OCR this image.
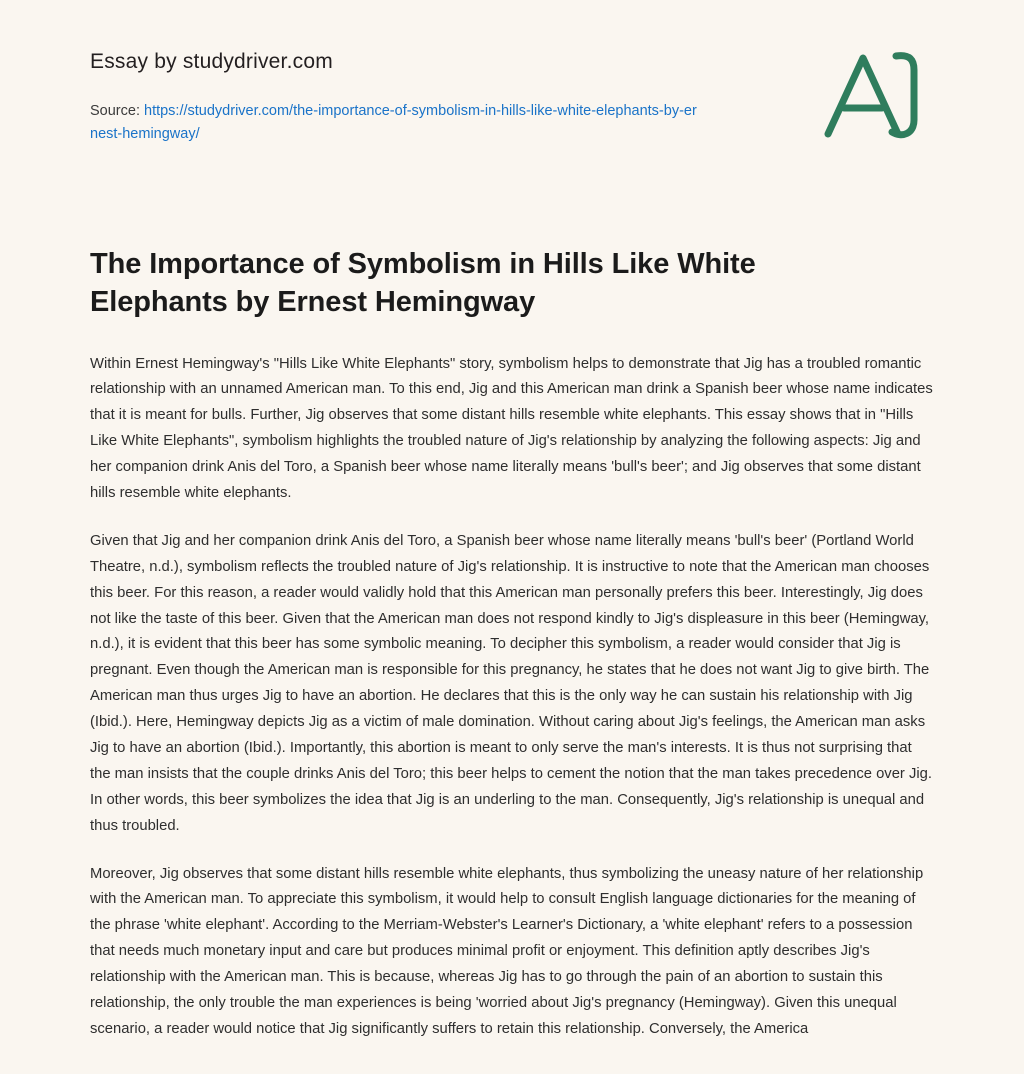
Essay by studydriver.com
Source: https://studydriver.com/the-importance-of-symbolism-in-hills-like-white-elephants-by-ernest-hemingway/
The Importance of Symbolism in Hills Like White Elephants by Ernest Hemingway

Within Ernest Hemingway's "Hills Like White Elephants" story, symbolism helps to demonstrate that Jig has a troubled romantic relationship with an unnamed American man. To this end, Jig and this American man drink a Spanish beer whose name indicates that it is meant for bulls. Further, Jig observes that some distant hills resemble white elephants. This essay shows that in "Hills Like White Elephants", symbolism highlights the troubled nature of Jig's relationship by analyzing the following aspects: Jig and her companion drink Anis del Toro, a Spanish beer whose name literally means 'bull's beer'; and Jig observes that some distant hills resemble white elephants.

Given that Jig and her companion drink Anis del Toro, a Spanish beer whose name literally means 'bull's beer' (Portland World Theatre, n.d.), symbolism reflects the troubled nature of Jig's relationship. It is instructive to note that the American man chooses this beer. For this reason, a reader would validly hold that this American man personally prefers this beer. Interestingly, Jig does not like the taste of this beer. Given that the American man does not respond kindly to Jig's displeasure in this beer (Hemingway, n.d.), it is evident that this beer has some symbolic meaning. To decipher this symbolism, a reader would consider that Jig is pregnant. Even though the American man is responsible for this pregnancy, he states that he does not want Jig to give birth. The American man thus urges Jig to have an abortion. He declares that this is the only way he can sustain his relationship with Jig (Ibid.). Here, Hemingway depicts Jig as a victim of male domination. Without caring about Jig's feelings, the American man asks Jig to have an abortion (Ibid.). Importantly, this abortion is meant to only serve the man's interests. It is thus not surprising that the man insists that the couple drinks Anis del Toro; this beer helps to cement the notion that the man takes precedence over Jig. In other words, this beer symbolizes the idea that Jig is an underling to the man. Consequently, Jig's relationship is unequal and thus troubled.

Moreover, Jig observes that some distant hills resemble white elephants, thus symbolizing the uneasy nature of her relationship with the American man. To appreciate this symbolism, it would help to consult English language dictionaries for the meaning of the phrase 'white elephant'. According to the Merriam-Webster's Learner's Dictionary, a 'white elephant' refers to a possession that needs much monetary input and care but produces minimal profit or enjoyment. This definition aptly describes Jig's relationship with the American man. This is because, whereas Jig has to go through the pain of an abortion to sustain this relationship, the only trouble the man experiences is being 'worried about Jig's pregnancy (Hemingway). Given this unequal scenario, a reader would notice that Jig significantly suffers to retain this relationship. Conversely, the America
